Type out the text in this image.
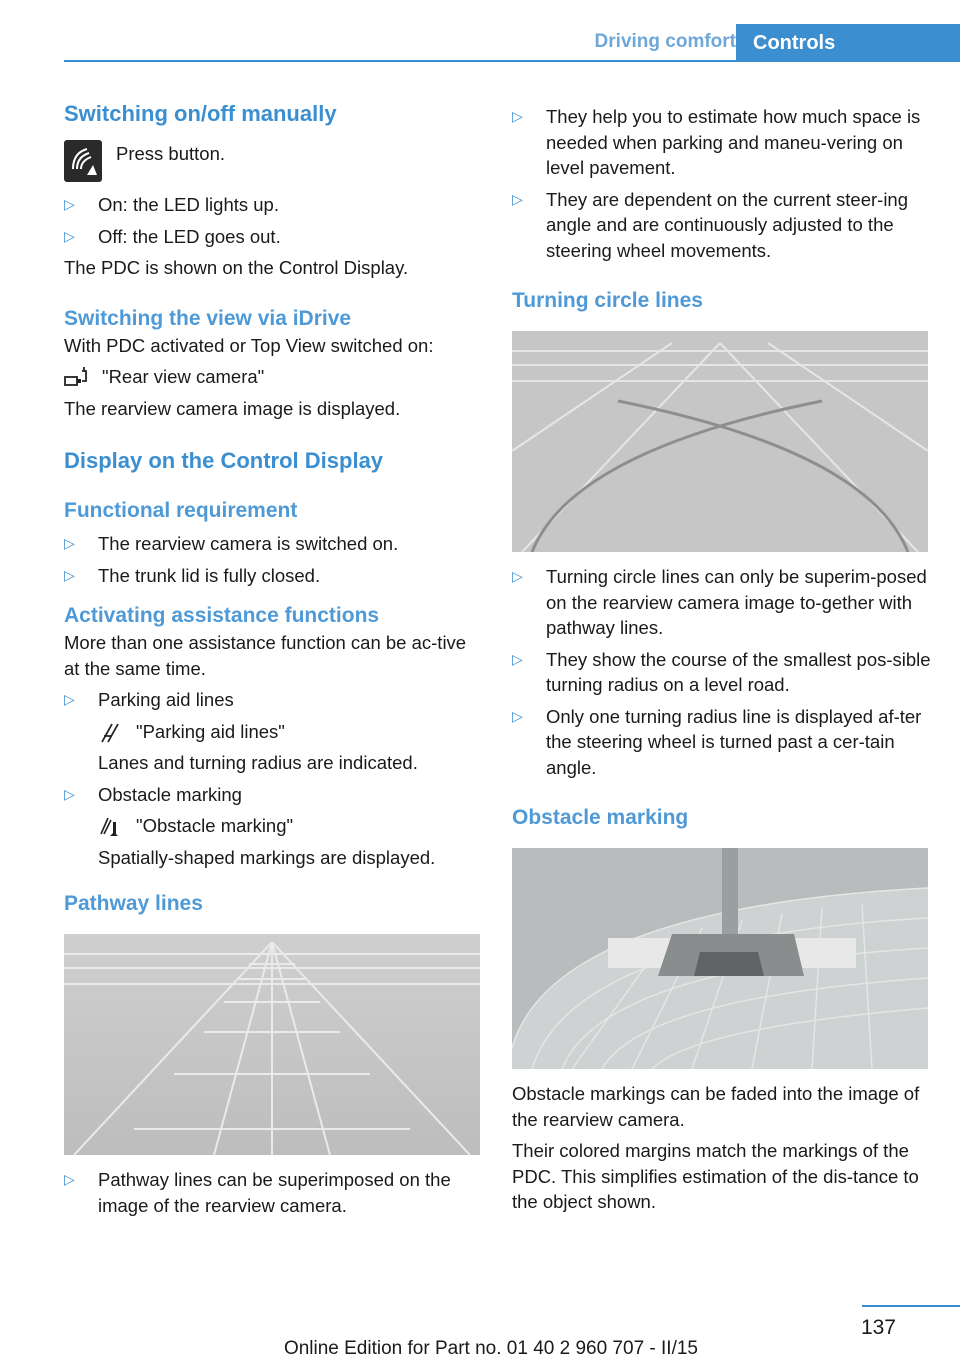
Driving comfort Controls
Switching on/off manually
Press button.
▷ On: the LED lights up.
▷ Off: the LED goes out.
The PDC is shown on the Control Display.
Switching the view via iDrive
With PDC activated or Top View switched on:
"Rear view camera"
The rearview camera image is displayed.
Display on the Control Display
Functional requirement
▷ The rearview camera is switched on.
▷ The trunk lid is fully closed.
Activating assistance functions
More than one assistance function can be ac-tive at the same time.
▷ Parking aid lines
"Parking aid lines"
Lanes and turning radius are indicated.
▷ Obstacle marking
"Obstacle marking"
Spatially-shaped markings are displayed.
Pathway lines
▷ Pathway lines can be superimposed on the image of the rearview camera.
▷ They help you to estimate how much space is needed when parking and maneu-vering on level pavement.
▷ They are dependent on the current steer-ing angle and are continuously adjusted to the steering wheel movements.
Turning circle lines
▷ Turning circle lines can only be superim-posed on the rearview camera image to-gether with pathway lines.
▷ They show the course of the smallest pos-sible turning radius on a level road.
▷ Only one turning radius line is displayed af-ter the steering wheel is turned past a cer-tain angle.
Obstacle marking
Obstacle markings can be faded into the image of the rearview camera.
Their colored margins match the markings of the PDC. This simplifies estimation of the dis-tance to the object shown.
137
Online Edition for Part no. 01 40 2 960 707 - II/15
